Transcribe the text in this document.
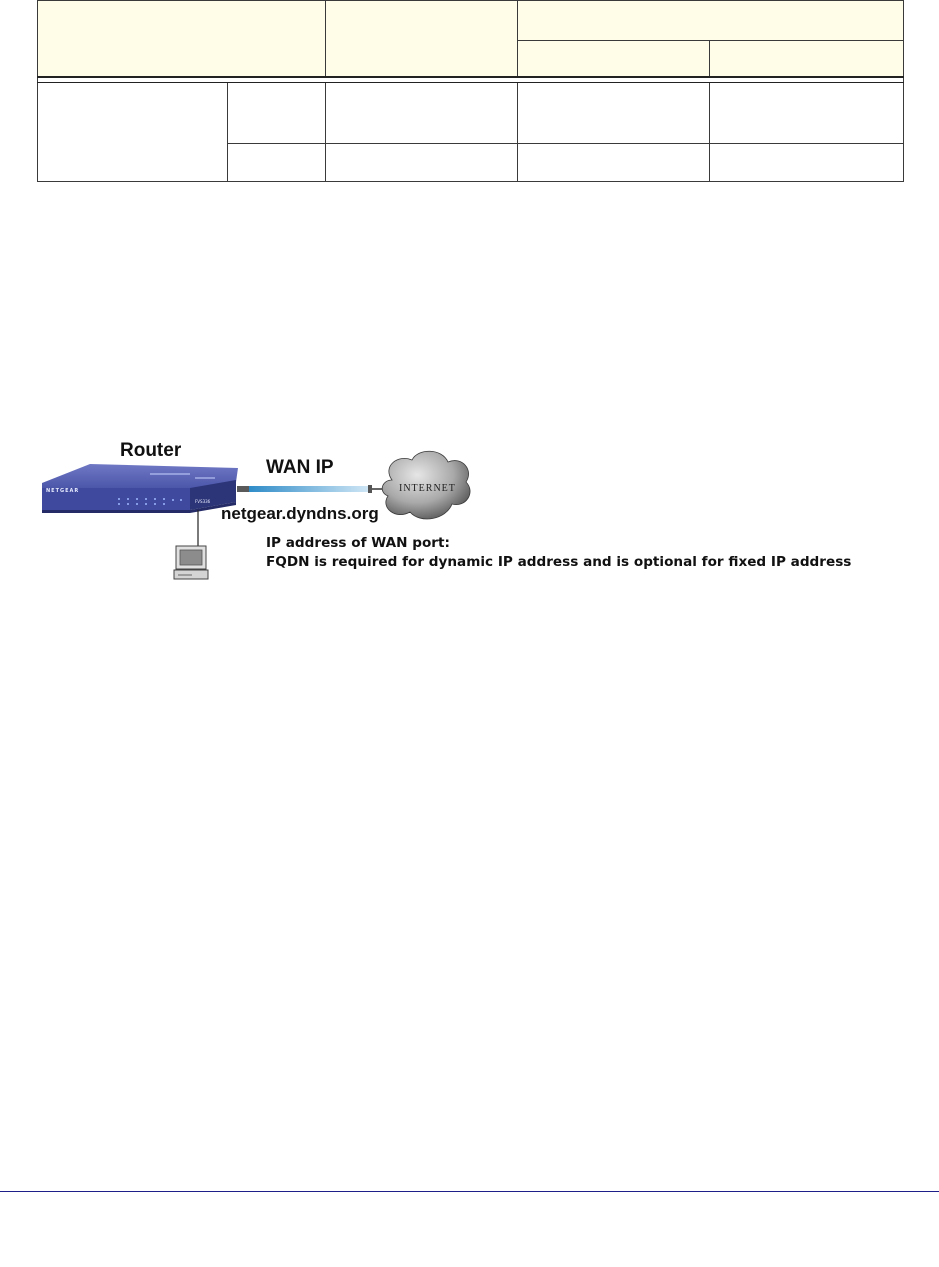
NETGEAR
FVS336
Router
WAN IP
INTERNET
netgear.dyndns.org
IP address of WAN port:
FQDN is required for dynamic IP address and is optional for fixed IP address
